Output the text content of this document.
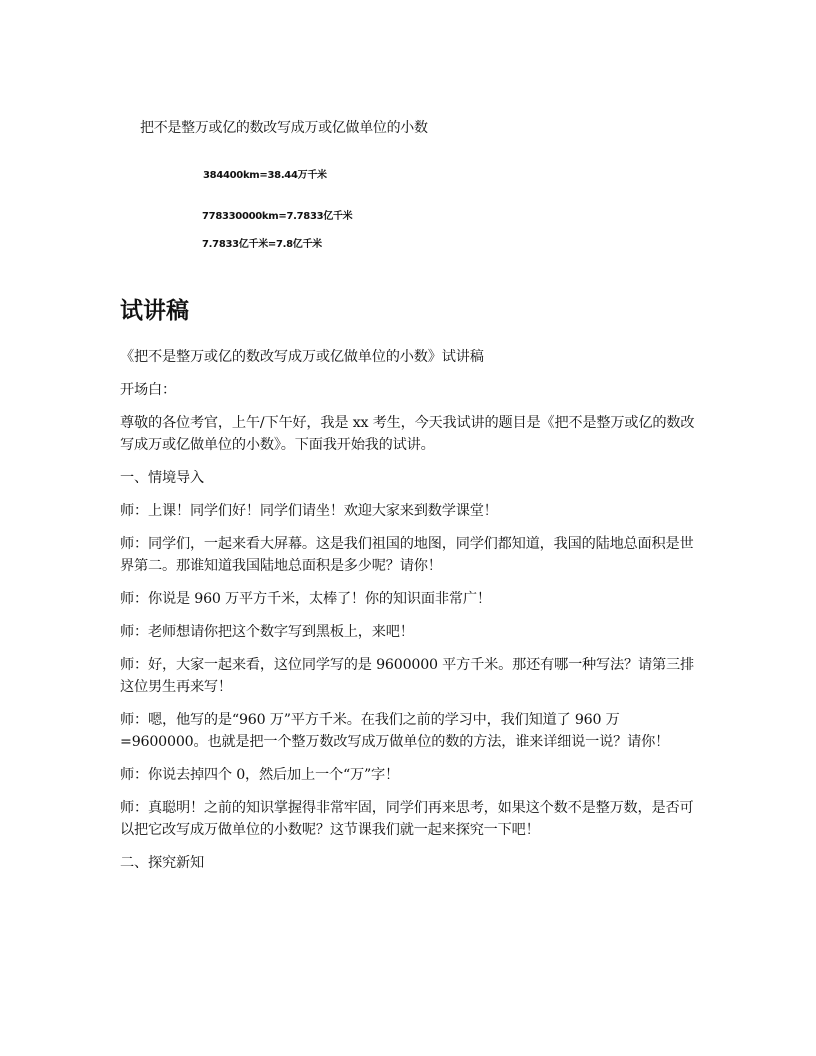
把不是整万或亿的数改写成万或亿做单位的小数
384400km=38.44万千米
778330000km=7.7833亿千米
7.7833亿千米=7.8亿千米
试讲稿

《把不是整万或亿的数改写成万或亿做单位的小数》试讲稿

开场白：

尊敬的各位考官，上午/下午好，我是 xx 考生，今天我试讲的题目是《把不是整万或亿的数改写成万或亿做单位的小数》。下面我开始我的试讲。

一、情境导入

师：上课！同学们好！同学们请坐！欢迎大家来到数学课堂！

师：同学们，一起来看大屏幕。这是我们祖国的地图，同学们都知道，我国的陆地总面积是世界第二。那谁知道我国陆地总面积是多少呢？请你！

师：你说是 960 万平方千米，太棒了！你的知识面非常广！

师：老师想请你把这个数字写到黑板上，来吧！

师：好，大家一起来看，这位同学写的是 9600000 平方千米。那还有哪一种写法？请第三排这位男生再来写！

师：嗯，他写的是“960 万”平方千米。在我们之前的学习中，我们知道了 960 万=9600000。也就是把一个整万数改写成万做单位的数的方法，谁来详细说一说？请你！

师：你说去掉四个 0，然后加上一个“万”字！

师：真聪明！之前的知识掌握得非常牢固，同学们再来思考，如果这个数不是整万数，是否可以把它改写成万做单位的小数呢？这节课我们就一起来探究一下吧！

二、探究新知
